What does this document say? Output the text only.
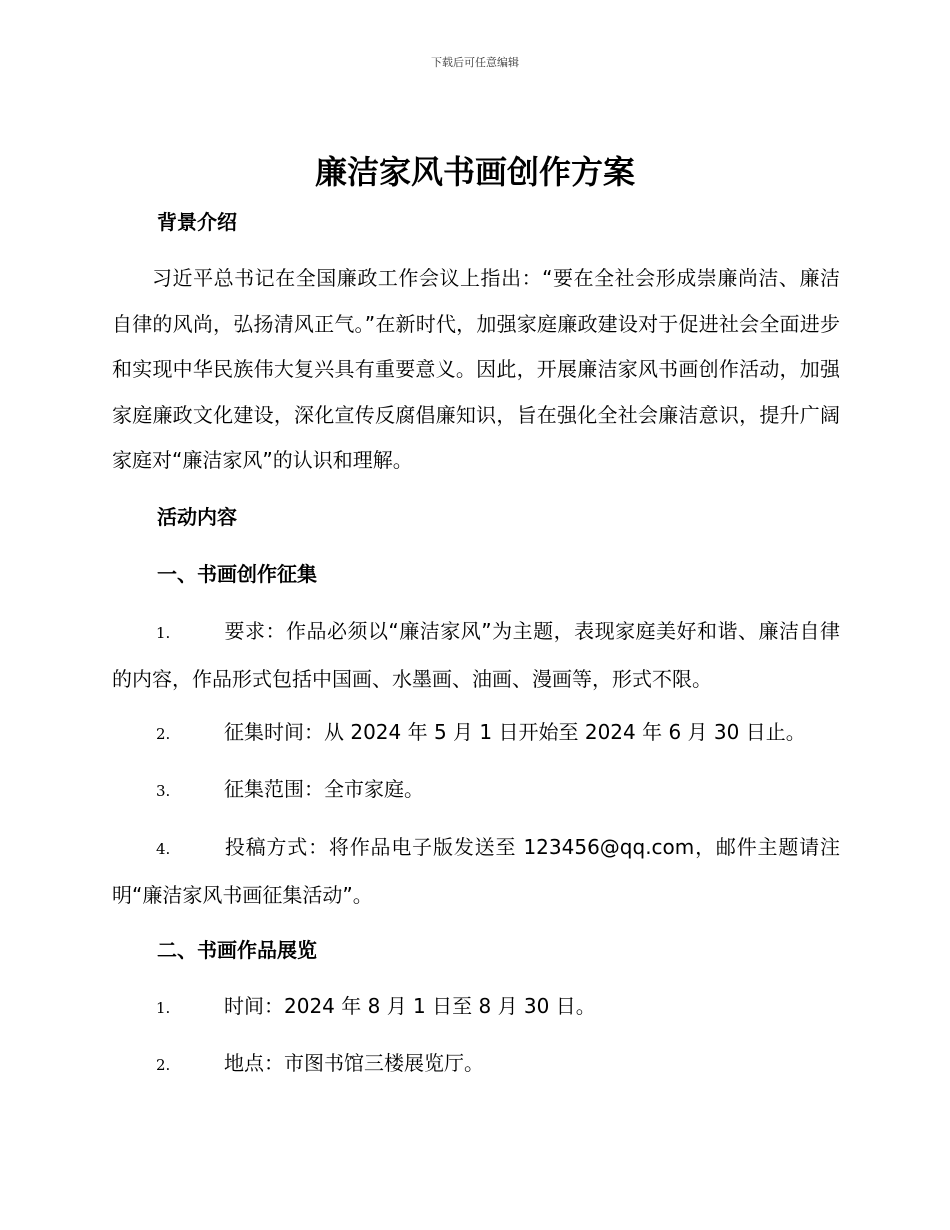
下载后可任意编辑
廉洁家风书画创作方案
背景介绍
习近平总书记在全国廉政工作会议上指出：“要在全社会形成崇廉尚洁、廉洁自律的风尚，弘扬清风正气。”在新时代，加强家庭廉政建设对于促进社会全面进步和实现中华民族伟大复兴具有重要意义。因此，开展廉洁家风书画创作活动，加强家庭廉政文化建设，深化宣传反腐倡廉知识，旨在强化全社会廉洁意识，提升广阔家庭对“廉洁家风”的认识和理解。
活动内容
一、书画创作征集
1.	要求：作品必须以“廉洁家风”为主题，表现家庭美好和谐、廉洁自律的内容，作品形式包括中国画、水墨画、油画、漫画等，形式不限。
2.	征集时间：从 2024 年 5 月 1 日开始至 2024 年 6 月 30 日止。
3.	征集范围：全市家庭。
4.	投稿方式：将作品电子版发送至 123456@qq.com，邮件主题请注明“廉洁家风书画征集活动”。
二、书画作品展览
1.	时间：2024 年 8 月 1 日至 8 月 30 日。
2.	地点：市图书馆三楼展览厅。
